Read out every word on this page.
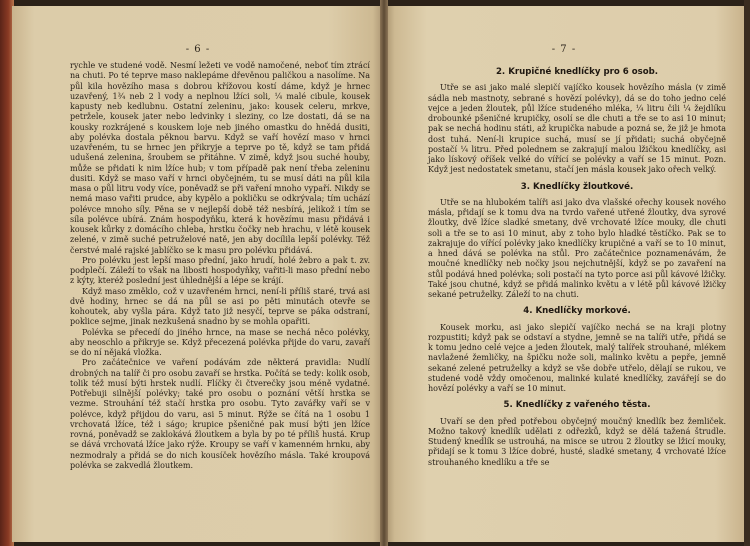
- 6 -

rychle ve studené vodě. Nesmí ležeti ve vodě namočené, neboť tím ztrácí na chuti. Po té teprve maso naklepáme dřevěnou paličkou a nasolíme. Na půl kila hovězího masa s dobrou křížovou kostí dáme, když je hrnec uzavřený, 1¾ neb 2 l vody a neplnou lžíci soli, ¼ malé cibule, kousek kapusty neb kedlubnu. Ostatní zeleninu, jako: kousek celeru, mrkve, petržele, kousek jater nebo ledvinky i sleziny, co lze dostati, dá se na kousky rozkrájené s kouskem loje neb jiného omastku do hnědá dusiti, aby polévka dostala pěknou barvu. Když se vaří hovězí maso v hrnci uzavřeném, tu se hrnec jen přikryje a teprve po tě, když se tam přidá udušená zelenina, šroubem se přitáhne. V zimě, když jsou suché houby, může se přidati k nim lžíce hub; v tom případě pak není třeba zeleninu dusiti. Když se maso vaří v hrnci obyčejném, tu se musí dáti na půl kila masa o půl litru vody více, poněvadž se při vaření mnoho vypaří. Nikdy se nemá maso vařiti prudce, aby kypělo a pokličku se odkrývala; tím uchází polévce mnoho síly. Pěna se v nejlepší době též nesbírá, jelikož i tím se síla polévce ubírá. Znám hospodyňku, která k hovězímu masu přidává i kousek kůrky z domácího chleba, hrstku čočky neb hrachu, v létě kousek zelené, v zimě suché petruželové natě, jen aby docílila lepší polévky. Též čerstvé malé rajské jablíčko se k masu pro polévku přidává.

Pro polévku jest lepší maso přední, jako hrudí, holé žebro a pak t. zv. podplečí. Záleží to však na libosti hospodyňky, vařiti-li maso přední nebo z kýty, kteréž poslední jest úhlednější a lépe se krájí.

Když maso změklo, což v uzavřeném hrnci, není-li příliš staré, trvá asi dvě hodiny, hrnec se dá na půl se asi po pěti minutách otevře se kohoutek, aby vyšla pára. Když tato již nesyčí, teprve se páka odstraní, poklice sejme, jinak nezkušená snadno by se mohla opařiti.

Polévka se přecedí do jiného hrnce, na mase se nechá něco polévky, aby neoschlo a přikryje se. Když přecezená polévka přijde do varu, zavaří se do ní nějaká vložka.

Pro začátečnice ve vaření podávám zde některá pravidla: Nudlí drobných na talíř či pro osobu zavaří se hrstka. Počítá se tedy: kolik osob, tolik též musí býti hrstek nudlí. Flíčky či čtverečky jsou méně vydatné. Potřebuji silnější polévky; také pro osobu o poznání větší hrstka se vezme. Strouhání též stačí hrstka pro osobu. Tyto zavářky vaří se v polévce, když přijdou do varu, asi 5 minut. Rýže se čítá na 1 osobu 1 vrchovatá lžíce, též i ságo; krupice pšeničné pak musí býti jen lžíce rovná, poněvadž se zaklokává žloutkem a byla by po té příliš hustá. Krup se dává vrchovatá lžíce jako rýže. Kroupy se vaří v kamenném hrnku, aby nezmodraly a přidá se do nich kousíček hovězího másla. Také kroupová polévka se zakvedlá žloutkem.

- 7 -
2. Krupičné knedlíčky pro 6 osob.

Utře se asi jako malé slepičí vajíčko kousek hovězího másla (v zimě sádla neb mastnoty, sebrané s hovězí polévky), dá se do toho jedno celé vejce a jeden žloutek, půl lžíce studeného mléka, ¼ litru čili ¼ žejdlíku drobounké pšeničné krupičky, osolí se dle chuti a tře se to asi 10 minut; pak se nechá hodinu státi, až krupička nabude a pozná se, že již je hmota dost tuhá. Není-li krupice suchá, musí se jí přidati; suchá obyčejně postačí ¼ litru. Před polednem se zakrajují malou lžičkou knedlíčky, asi jako lískový oříšek velké do vířící se polévky a vaří se 15 minut. Pozn. Když jest nedostatek smetanu, stačí jen másla kousek jako ořech velký.

3. Knedlíčky žloutkové.

Utře se na hlubokém talíři asi jako dva vlašské ořechy kousek nového másla, přidají se k tomu dva na tvrdo vařené utřené žloutky, dva syrové žloutky, dvě lžíce sladké smetany, dvě vrchovaté lžíce mouky, dle chuti soli a tře se to asi 10 minut, aby z toho bylo hladké těstíčko. Pak se to zakrajuje do vířící polévky jako knedlíčky krupičné a vaří se to 10 minut, a hned dává se polévka na stůl. Pro začátečnice poznamenávám, že moučné knedlíčky neb nočky jsou nejchutnější, když se po zavaření na stůl podává hned polévka; soli postačí na tyto porce asi půl kávové lžičky. Také jsou chutné, když se přidá malinko květu a v létě půl kávové lžičky sekané petruželky. Záleží to na chuti.

4. Knedlíčky morkové.

Kousek morku, asi jako slepičí vajíčko nechá se na kraji plotny rozpustiti; když pak se odstaví a stydne, jemně se na talíři utře, přidá se k tomu jedno celé vejce a jeden žloutek, malý talířek strouhané, mlékem navlažené žemličky, na špičku nože soli, malinko květu a pepře, jemně sekané zelené petruželky a když se vše dobře utřelo, dělají se rukou, ve studené vodě vždy omočenou, malinké kulaté knedlíčky, zavářejí se do hovězí polévky a vaří se 10 minut.

5. Knedlíčky z vařeného těsta.

Uvaří se den před potřebou obyčejný moučný knedlík bez žemliček. Možno takový knedlík udělati z odřezků, když se dělá tažená štrudle. Studený knedlík se ustrouhá, na misce se utrou 2 žloutky se lžicí mouky, přidají se k tomu 3 lžíce dobré, husté, sladké smetany, 4 vrchovaté lžíce strouhaného knedlíku a tře se
